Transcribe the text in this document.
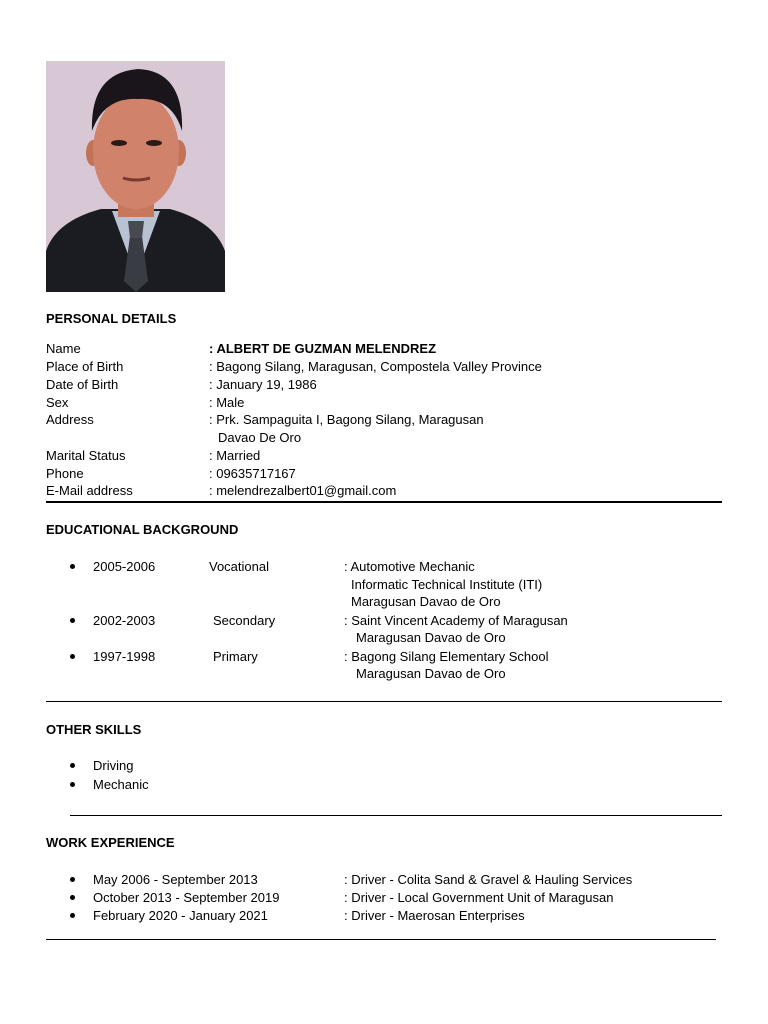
PERSONAL DETAILS
Name	: ALBERT DE GUZMAN MELENDREZ
Place of Birth	: Bagong Silang, Maragusan, Compostela Valley Province
Date of Birth	: January 19, 1986
Sex	: Male
Address	: Prk. Sampaguita I, Bagong Silang, Maragusan
Davao De Oro
Marital Status	: Married
Phone	: 09635717167
E-Mail address	: melendrezalbert01@gmail.com
EDUCATIONAL BACKGROUND
2005-2006	Vocational	: Automotive Mechanic
Informatic Technical Institute (ITI)
Maragusan Davao de Oro
2002-2003	Secondary	: Saint Vincent Academy of Maragusan
Maragusan Davao de Oro
1997-1998	Primary	: Bagong Silang Elementary School
Maragusan Davao de Oro
OTHER SKILLS
Driving
Mechanic
WORK EXPERIENCE
May 2006 - September 2013	: Driver - Colita Sand & Gravel & Hauling Services
October 2013 - September 2019	: Driver - Local Government Unit of Maragusan
February 2020 - January 2021	: Driver - Maerosan Enterprises
